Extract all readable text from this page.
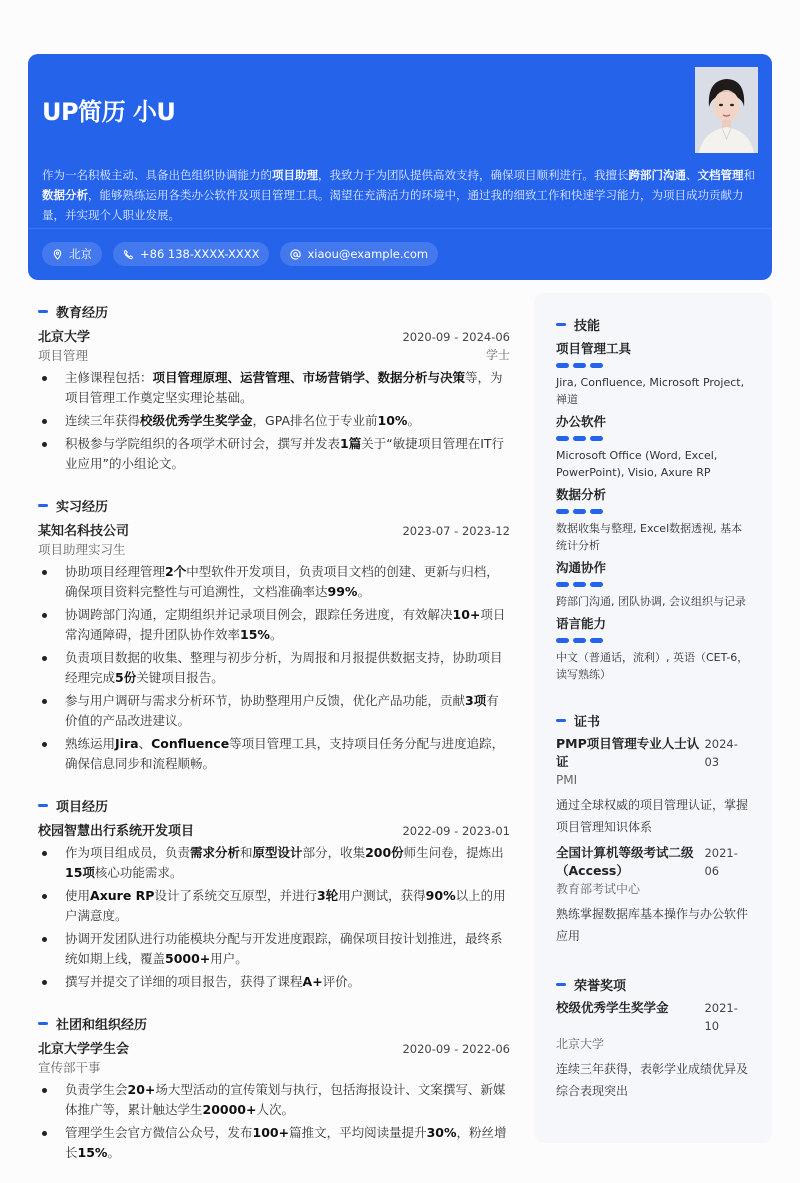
UP简历 小U
作为一名积极主动、具备出色组织协调能力的项目助理，我致力于为团队提供高效支持，确保项目顺利进行。我擅长跨部门沟通、文档管理和数据分析，能够熟练运用各类办公软件及项目管理工具。渴望在充满活力的环境中，通过我的细致工作和快速学习能力，为项目成功贡献力量，并实现个人职业发展。
北京	+86 138-XXXX-XXXX	xiaou@example.com
教育经历
北京大学	2020-09 - 2024-06
项目管理	学士
主修课程包括：项目管理原理、运营管理、市场营销学、数据分析与决策等，为项目管理工作奠定坚实理论基础。
连续三年获得校级优秀学生奖学金，GPA排名位于专业前10%。
积极参与学院组织的各项学术研讨会，撰写并发表1篇关于“敏捷项目管理在IT行业应用”的小组论文。
实习经历
某知名科技公司	2023-07 - 2023-12
项目助理实习生
协助项目经理管理2个中型软件开发项目，负责项目文档的创建、更新与归档，确保项目资料完整性与可追溯性，文档准确率达99%。
协调跨部门沟通，定期组织并记录项目例会，跟踪任务进度，有效解决10+项日常沟通障碍，提升团队协作效率15%。
负责项目数据的收集、整理与初步分析，为周报和月报提供数据支持，协助项目经理完成5份关键项目报告。
参与用户调研与需求分析环节，协助整理用户反馈，优化产品功能，贡献3项有价值的产品改进建议。
熟练运用Jira、Confluence等项目管理工具，支持项目任务分配与进度追踪，确保信息同步和流程顺畅。
项目经历
校园智慧出行系统开发项目	2022-09 - 2023-01
作为项目组成员，负责需求分析和原型设计部分，收集200份师生问卷，提炼出15项核心功能需求。
使用Axure RP设计了系统交互原型，并进行3轮用户测试，获得90%以上的用户满意度。
协调开发团队进行功能模块分配与开发进度跟踪，确保项目按计划推进，最终系统如期上线，覆盖5000+用户。
撰写并提交了详细的项目报告，获得了课程A+评价。
社团和组织经历
北京大学学生会	2020-09 - 2022-06
宣传部干事
负责学生会20+场大型活动的宣传策划与执行，包括海报设计、文案撰写、新媒体推广等，累计触达学生20000+人次。
管理学生会官方微信公众号，发布100+篇推文，平均阅读量提升30%，粉丝增长15%。
技能
项目管理工具
Jira, Confluence, Microsoft Project, 禅道
办公软件
Microsoft Office (Word, Excel, PowerPoint), Visio, Axure RP
数据分析
数据收集与整理, Excel数据透视, 基本统计分析
沟通协作
跨部门沟通, 团队协调, 会议组织与记录
语言能力
中文（普通话，流利）, 英语（CET-6，读写熟练）
证书
PMP项目管理专业人士认证
2024-03
PMI
通过全球权威的项目管理认证，掌握项目管理知识体系
全国计算机等级考试二级（Access）
2021-06
教育部考试中心
熟练掌握数据库基本操作与办公软件应用
荣誉奖项
校级优秀学生奖学金	2021-10
北京大学
连续三年获得，表彰学业成绩优异及综合表现突出
